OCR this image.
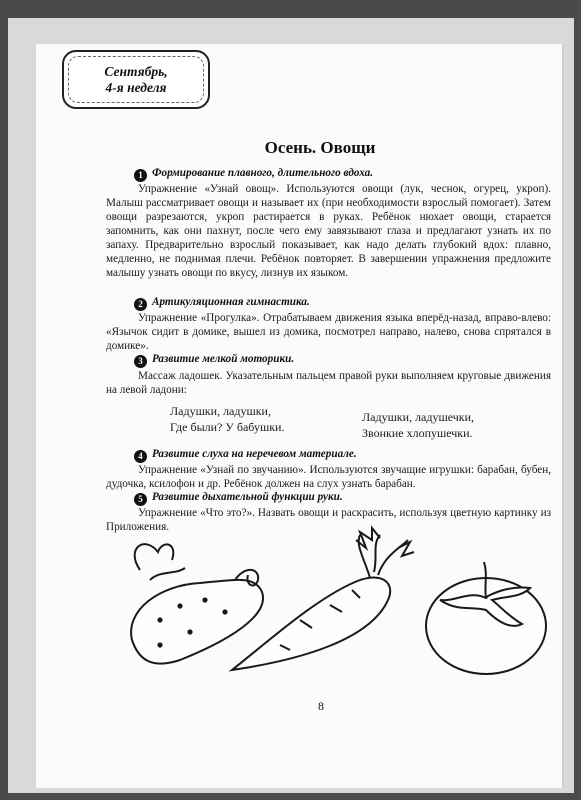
Сентябрь,
4-я неделя
Осень. Овощи
1 Формирование плавного, длительного вдоха.
Упражнение «Узнай овощ». Используются овощи (лук, чеснок, огурец, укроп). Малыш рассматривает овощи и называет их (при необходимости взрослый помогает). Затем овощи разрезаются, укроп растирается в руках. Ребёнок нюхает овощи, старается запомнить, как они пахнут, после чего ему завязывают глаза и предлагают узнать их по запаху. Предварительно взрослый показывает, как надо делать глубокий вдох: плавно, медленно, не поднимая плечи. Ребёнок повторяет. В завершении упражнения предложите малышу узнать овощи по вкусу, лизнув их языком.
2 Артикуляционная гимнастика.
Упражнение «Прогулка». Отрабатываем движения языка вперёд-назад, вправо-влево: «Язычок сидит в домике, вышел из домика, посмотрел направо, налево, снова спрятался в домике».
3 Развитие мелкой моторики.
Массаж ладошек. Указательным пальцем правой руки выполняем круговые движения на левой ладони:
Ладушки, ладушки,
Где были? У бабушки.
Ладушки, ладушечки,
Звонкие хлопушечки.
4 Развитие слуха на неречевом материале.
Упражнение «Узнай по звучанию». Используются звучащие игрушки: барабан, бубен, дудочка, ксилофон и др. Ребёнок должен на слух узнать барабан.
5 Развитие дыхательной функции руки.
Упражнение «Что это?». Назвать овощи и раскрасить, используя цветную картинку из Приложения.
8
